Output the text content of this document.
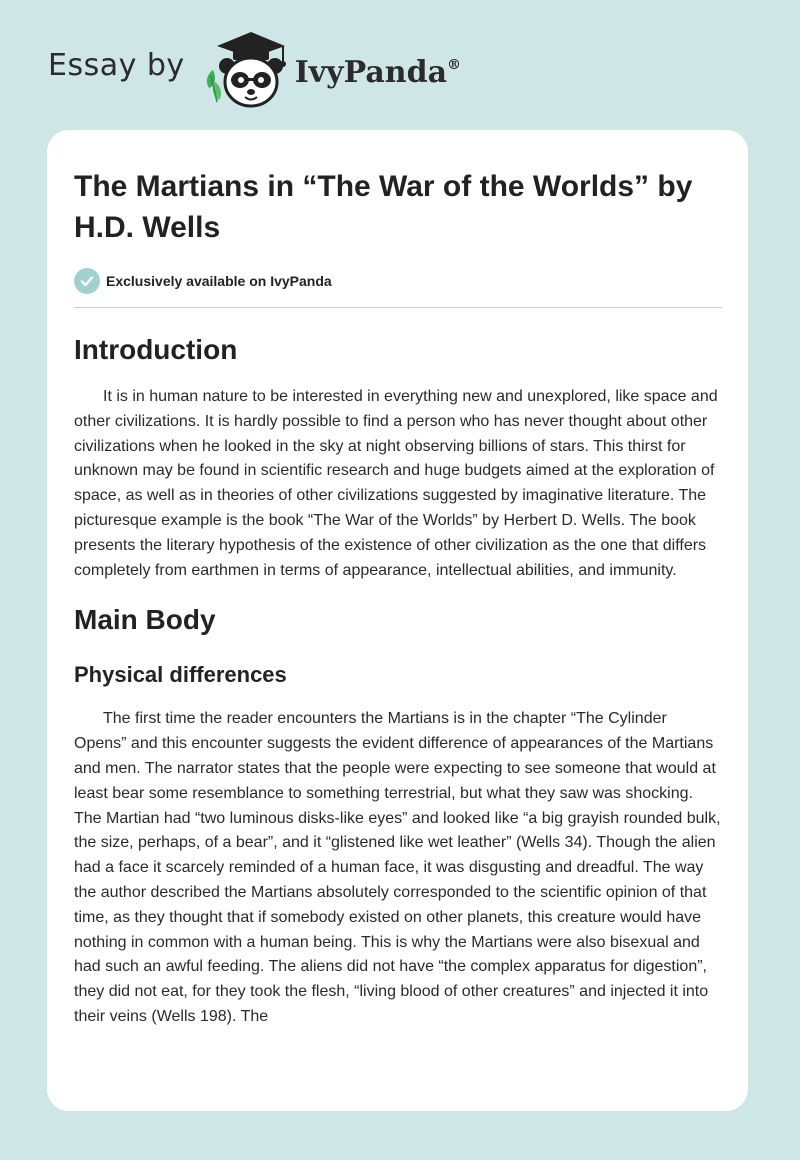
Essay by	IvyPanda®
The Martians in “The War of the Worlds” by H.D. Wells
Exclusively available on IvyPanda
Introduction

It is in human nature to be interested in everything new and unexplored, like space and other civilizations. It is hardly possible to find a person who has never thought about other civilizations when he looked in the sky at night observing billions of stars. This thirst for unknown may be found in scientific research and huge budgets aimed at the exploration of space, as well as in theories of other civilizations suggested by imaginative literature. The picturesque example is the book “The War of the Worlds” by Herbert D. Wells. The book presents the literary hypothesis of the existence of other civilization as the one that differs completely from earthmen in terms of appearance, intellectual abilities, and immunity.

Main Body
Physical differences

The first time the reader encounters the Martians is in the chapter “The Cylinder Opens” and this encounter suggests the evident difference of appearances of the Martians and men. The narrator states that the people were expecting to see someone that would at least bear some resemblance to something terrestrial, but what they saw was shocking. The Martian had “two luminous disks-like eyes” and looked like “a big grayish rounded bulk, the size, perhaps, of a bear”, and it “glistened like wet leather” (Wells 34). Though the alien had a face it scarcely reminded of a human face, it was disgusting and dreadful. The way the author described the Martians absolutely corresponded to the scientific opinion of that time, as they thought that if somebody existed on other planets, this creature would have nothing in common with a human being. This is why the Martians were also bisexual and had such an awful feeding. The aliens did not have “the complex apparatus for digestion”, they did not eat, for they took the flesh, “living blood of other creatures” and injected it into their veins (Wells 198). The
